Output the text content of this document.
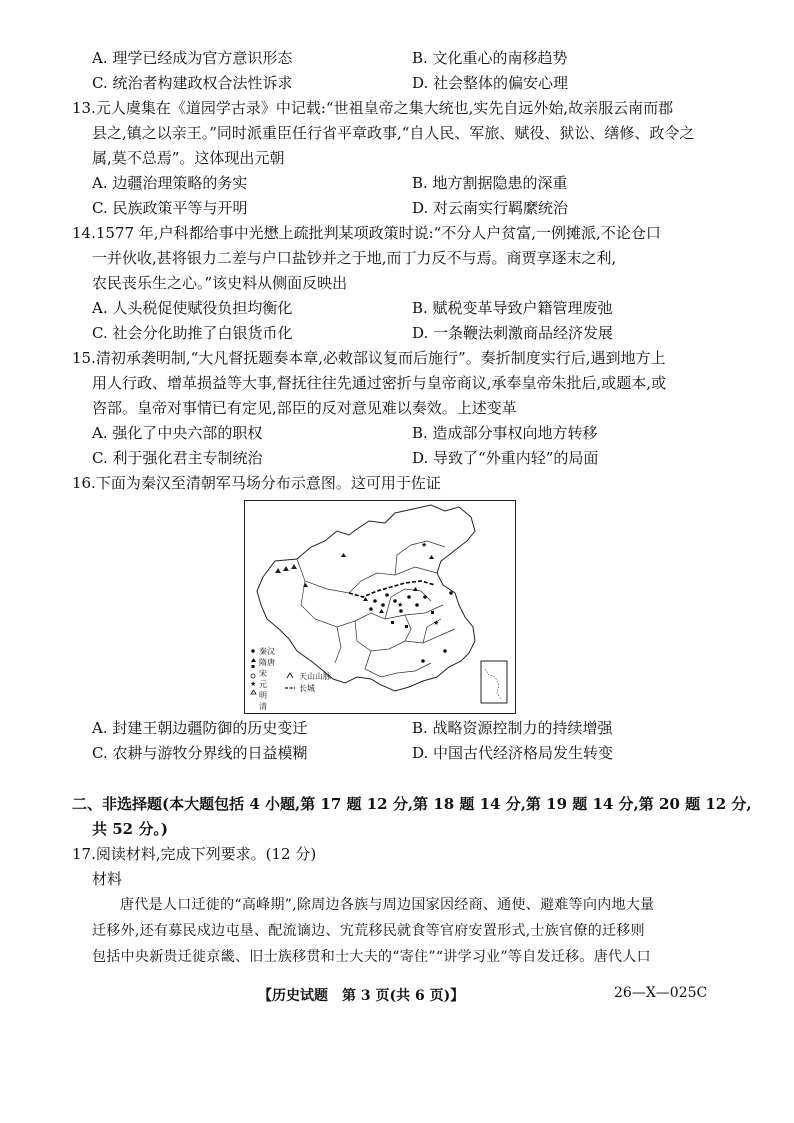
A. 理学已经成为官方意识形态	B. 文化重心的南移趋势
C. 统治者构建政权合法性诉求	D. 社会整体的偏安心理
13.元人虞集在《道园学古录》中记载:“世祖皇帝之集大统也,实先自远外始,故亲服云南而郡
县之,镇之以亲王。”同时派重臣任行省平章政事,“自人民、军旅、赋役、狱讼、缮修、政令之
属,莫不总焉”。这体现出元朝
A. 边疆治理策略的务实	B. 地方割据隐患的深重
C. 民族政策平等与开明	D. 对云南实行羁縻统治
14.1577 年,户科都给事中光懋上疏批判某项政策时说:“不分人户贫富,一例摊派,不论仓口
一并伙收,甚将银力二差与户口盐钞并之于地,而丁力反不与焉。商贾享逐末之利,
农民丧乐生之心。”该史料从侧面反映出
A. 人头税促使赋役负担均衡化	B. 赋税变革导致户籍管理废弛
C. 社会分化助推了白银货币化	D. 一条鞭法刺激商品经济发展
15.清初承袭明制,“大凡督抚题奏本章,必敕部议复而后施行”。奏折制度实行后,遇到地方上
用人行政、增革损益等大事,督抚往往先通过密折与皇帝商议,承奉皇帝朱批后,或题本,或
咨部。皇帝对事情已有定见,部臣的反对意见难以奏效。上述变革
A. 强化了中央六部的职权	B. 造成部分事权向地方转移
C. 利于强化君主专制统治	D. 导致了“外重内轻”的局面
16.下面为秦汉至清朝军马场分布示意图。这可用于佐证
★
★
★
★
秦汉
隋唐
宋
元
明
清
天山山脉
长城
A. 封建王朝边疆防御的历史变迁	B. 战略资源控制力的持续增强
C. 农耕与游牧分界线的日益模糊	D. 中国古代经济格局发生转变
二、非选择题(本大题包括 4 小题,第 17 题 12 分,第 18 题 14 分,第 19 题 14 分,第 20 题 12 分,
共 52 分。)
17.阅读材料,完成下列要求。(12 分)
材料
唐代是人口迁徙的“高峰期”,除周边各族与周边国家因经商、通使、避难等向内地大量
迁移外,还有募民戍边屯垦、配流谪边、宄荒移民就食等官府安置形式,士族官僚的迁移则
包括中央新贵迁徙京畿、旧士族移贯和士大夫的“寄住”“讲学习业”等自发迁移。唐代人口
【历史试题　第 3 页(共 6 页)】	26—X—025C
